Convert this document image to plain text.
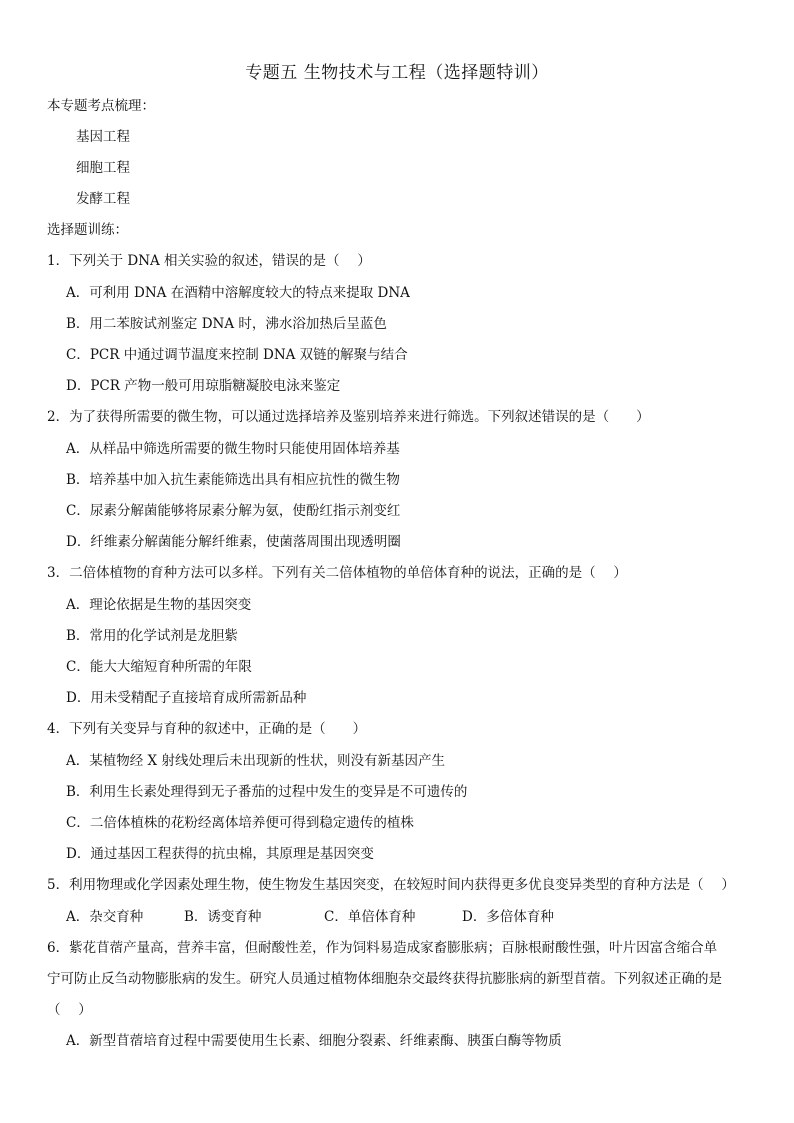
专题五 生物技术与工程（选择题特训）
本专题考点梳理：
基因工程
细胞工程
发酵工程
选择题训练：
1．下列关于 DNA 相关实验的叙述，错误的是（　 ）
A．可利用 DNA 在酒精中溶解度较大的特点来提取 DNA
B．用二苯胺试剂鉴定 DNA 时，沸水浴加热后呈蓝色
C．PCR 中通过调节温度来控制 DNA 双链的解聚与结合
D．PCR 产物一般可用琼脂糖凝胶电泳来鉴定
2．为了获得所需要的微生物，可以通过选择培养及鉴别培养来进行筛选。下列叙述错误的是（　　）
A．从样品中筛选所需要的微生物时只能使用固体培养基
B．培养基中加入抗生素能筛选出具有相应抗性的微生物
C．尿素分解菌能够将尿素分解为氨，使酚红指示剂变红
D．纤维素分解菌能分解纤维素，使菌落周围出现透明圈
3．二倍体植物的育种方法可以多样。下列有关二倍体植物的单倍体育种的说法，正确的是（　 ）
A．理论依据是生物的基因突变
B．常用的化学试剂是龙胆紫
C．能大大缩短育种所需的年限
D．用未受精配子直接培育成所需新品种
4．下列有关变异与育种的叙述中，正确的是（　　）
A．某植物经 X 射线处理后未出现新的性状，则没有新基因产生
B．利用生长素处理得到无子番茄的过程中发生的变异是不可遗传的
C．二倍体植株的花粉经离体培养便可得到稳定遗传的植株
D．通过基因工程获得的抗虫棉，其原理是基因突变
5．利用物理或化学因素处理生物，使生物发生基因突变，在较短时间内获得更多优良变异类型的育种方法是（　 ）
A．杂交育种	B．诱变育种	C．单倍体育种	D．多倍体育种
6．紫花苜蓿产量高，营养丰富，但耐酸性差，作为饲料易造成家畜膨胀病；百脉根耐酸性强，叶片因富含缩合单
宁可防止反刍动物膨胀病的发生。研究人员通过植物体细胞杂交最终获得抗膨胀病的新型苜蓿。下列叙述正确的是
（　 ）
A．新型苜蓿培育过程中需要使用生长素、细胞分裂素、纤维素酶、胰蛋白酶等物质
